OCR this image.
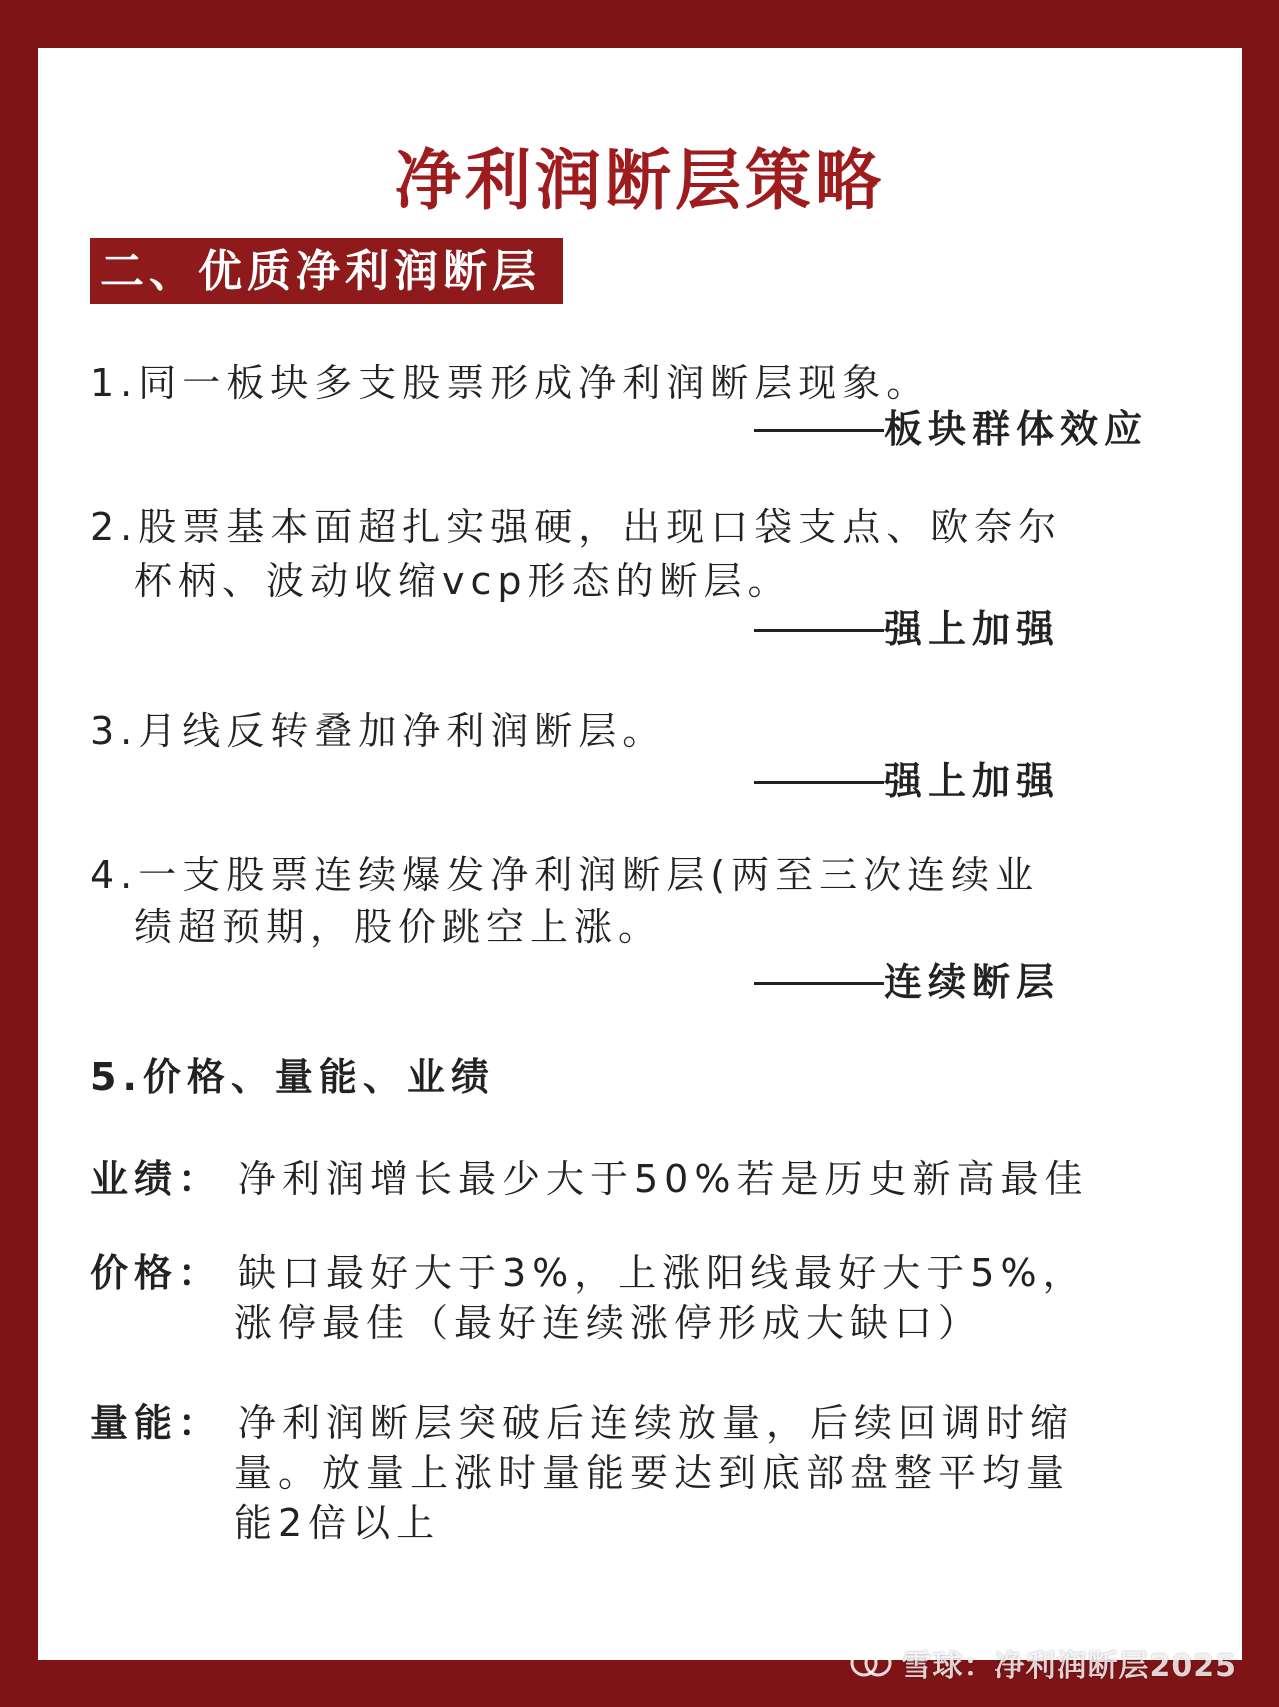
净利润断层策略
二、优质净利润断层
1.同一板块多支股票形成净利润断层现象。
板块群体效应
2.股票基本面超扎实强硬，出现口袋支点、欧奈尔
杯柄、波动收缩vcp形态的断层。
强上加强
3.月线反转叠加净利润断层。
强上加强
4.一支股票连续爆发净利润断层(两至三次连续业
绩超预期，股价跳空上涨。
连续断层
5.价格、量能、业绩
业绩： 净利润增长最少大于50%若是历史新高最佳
价格： 缺口最好大于3%，上涨阳线最好大于5%，
涨停最佳（最好连续涨停形成大缺口）
量能： 净利润断层突破后连续放量，后续回调时缩
量。放量上涨时量能要达到底部盘整平均量
能2倍以上
雪球：净利润断层2025
